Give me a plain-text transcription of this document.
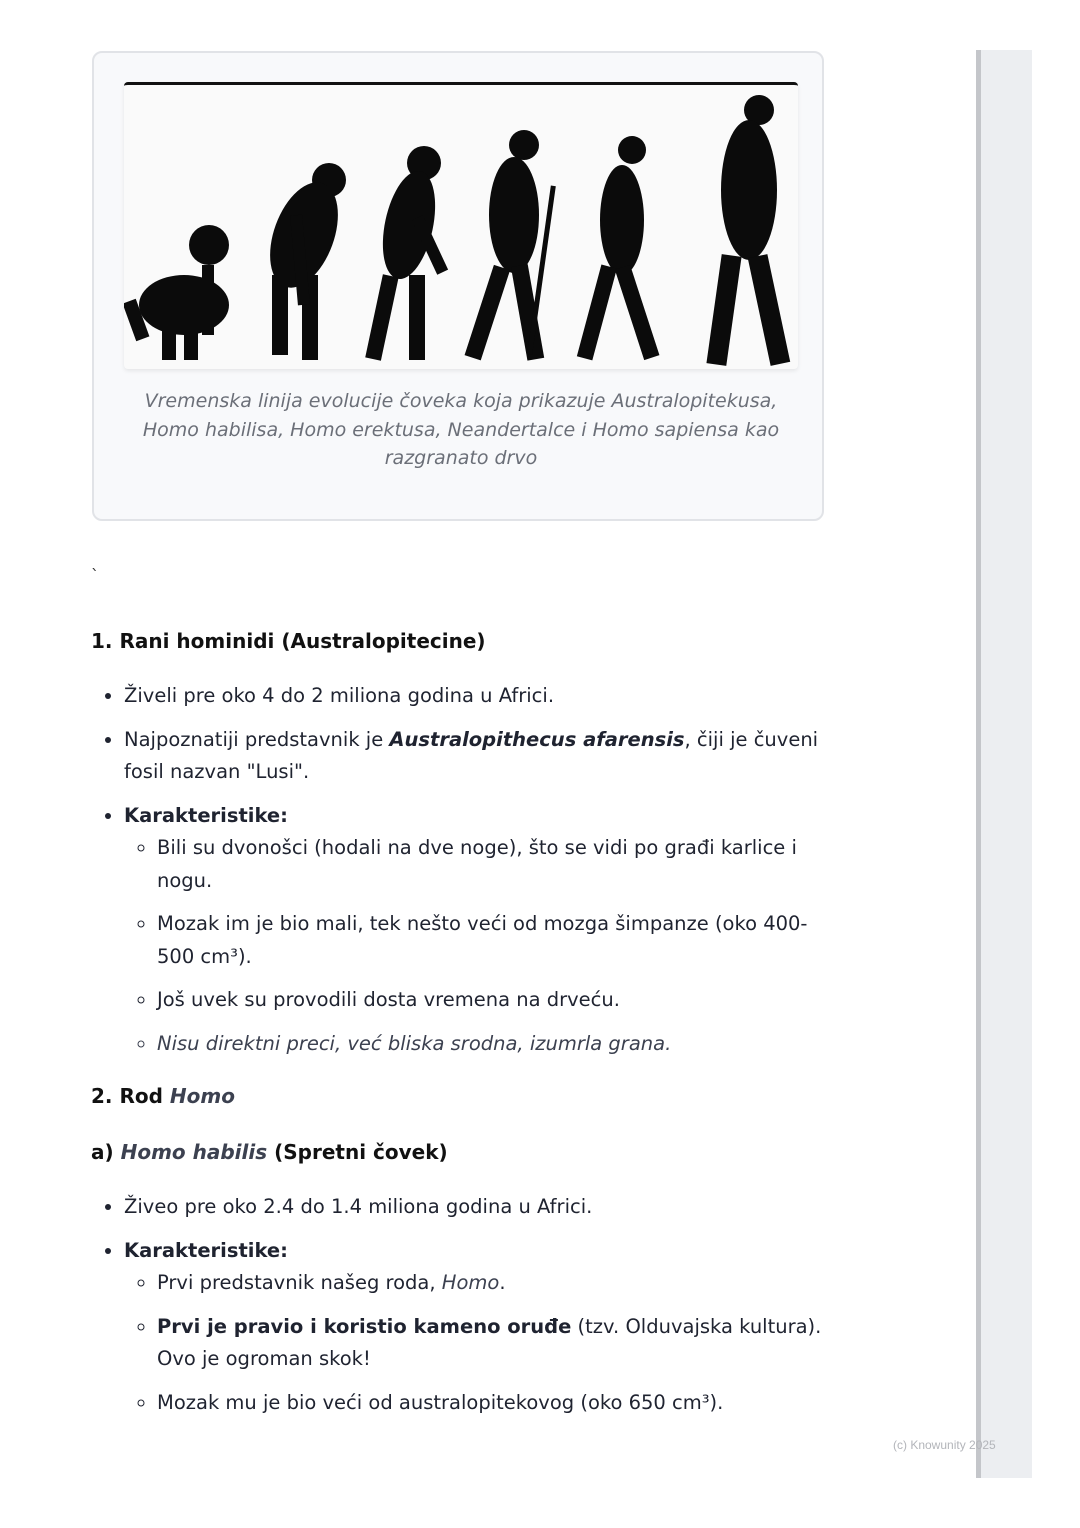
Vremenska linija evolucije čoveka koja prikazuje Australopitekusa, Homo habilisa, Homo erektusa, Neandertalce i Homo sapiensa kao razgranato drvo
`
1. Rani hominidi (Australopitecine)
• Živeli pre oko 4 do 2 miliona godina u Africi.
• Najpoznatiji predstavnik je Australopithecus afarensis, čiji je čuveni fosil nazvan "Lusi".
• Karakteristike:
◦ Bili su dvonošci (hodali na dve noge), što se vidi po građi karlice i nogu.
◦ Mozak im je bio mali, tek nešto veći od mozga šimpanze (oko 400-500 cm³).
◦ Još uvek su provodili dosta vremena na drveću.
◦ Nisu direktni preci, već bliska srodna, izumrla grana.
2. Rod Homo
a) Homo habilis (Spretni čovek)
• Živeo pre oko 2.4 do 1.4 miliona godina u Africi.
• Karakteristike:
◦ Prvi predstavnik našeg roda, Homo.
◦ Prvi je pravio i koristio kameno oruđe (tzv. Olduvajska kultura). Ovo je ogroman skok!
◦ Mozak mu je bio veći od australopitekovog (oko 650 cm³).
(c) Knowunity 2025
